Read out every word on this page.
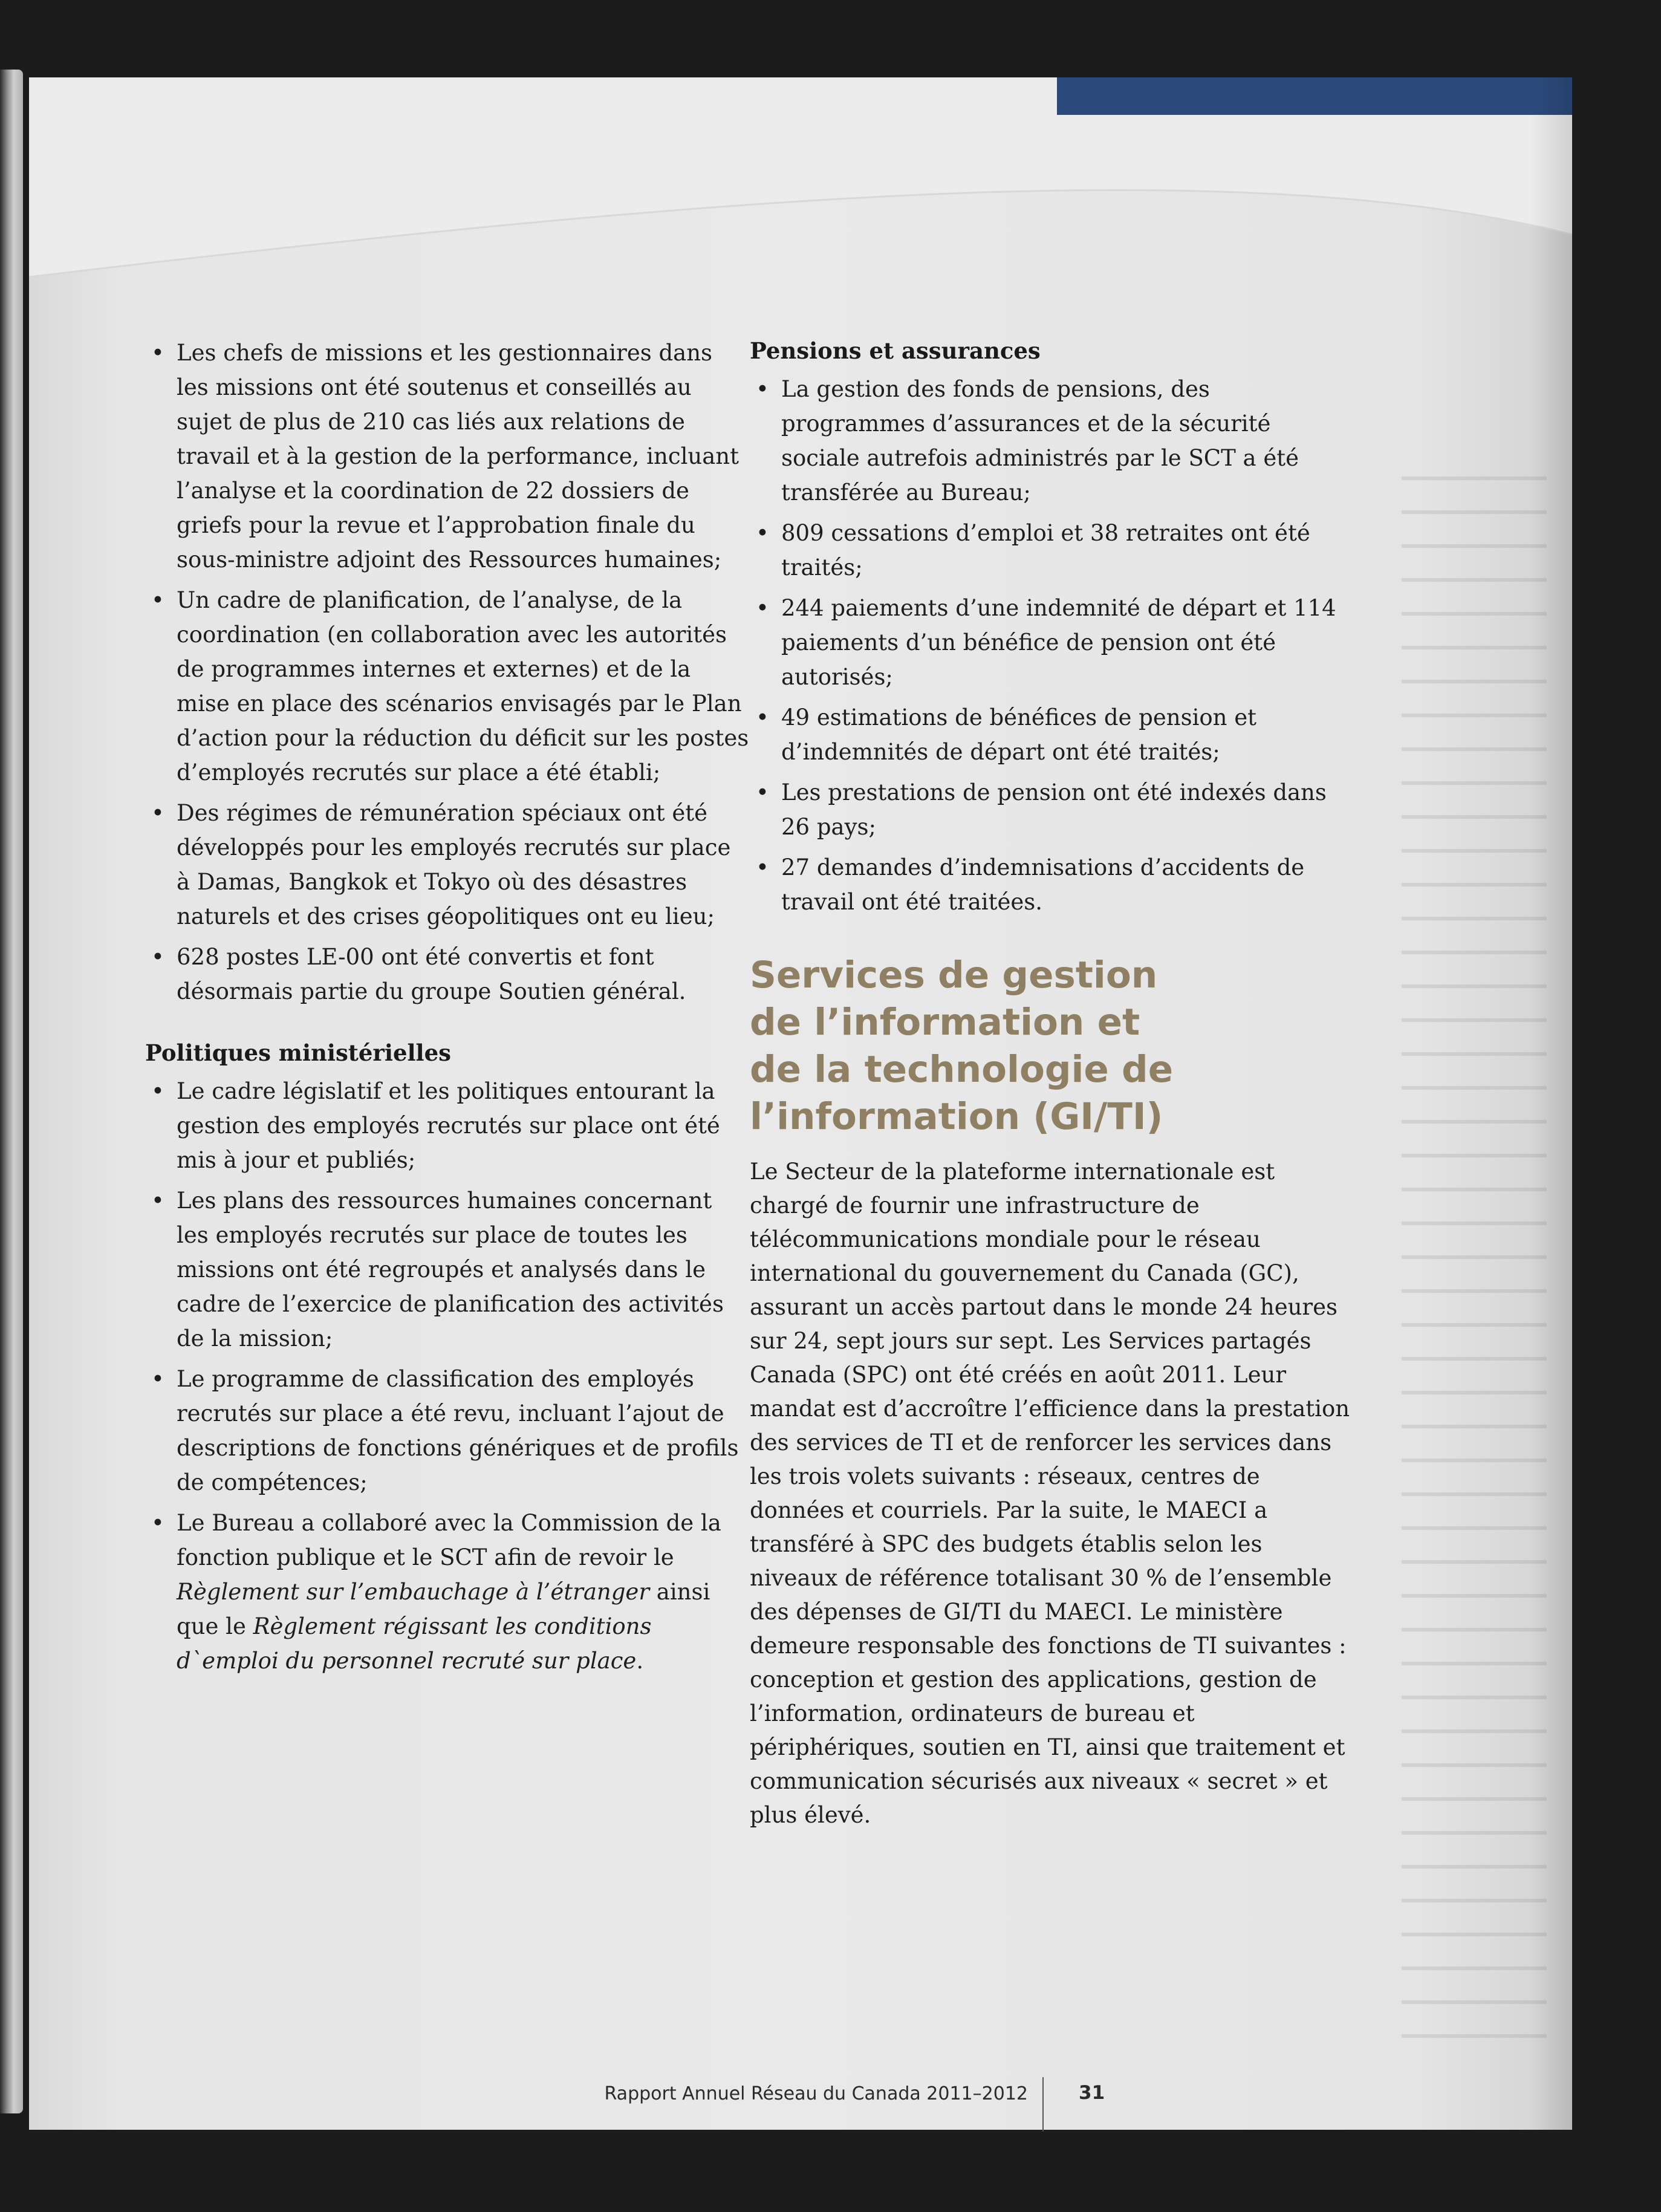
• Les chefs de missions et les gestionnaires dans les missions ont été soutenus et conseillés au sujet de plus de 210 cas liés aux relations de travail et à la gestion de la performance, incluant l’analyse et la coordination de 22 dossiers de griefs pour la revue et l’approbation finale du sous-ministre adjoint des Ressources humaines;
• Un cadre de planification, de l’analyse, de la coordination (en collaboration avec les autorités de programmes internes et externes) et de la mise en place des scénarios envisagés par le Plan d’action pour la réduction du déficit sur les postes d’employés recrutés sur place a été établi;
• Des régimes de rémunération spéciaux ont été développés pour les employés recrutés sur place à Damas, Bangkok et Tokyo où des désastres naturels et des crises géopolitiques ont eu lieu;
• 628 postes LE-00 ont été convertis et font désormais partie du groupe Soutien général.
Politiques ministérielles
• Le cadre législatif et les politiques entourant la gestion des employés recrutés sur place ont été mis à jour et publiés;
• Les plans des ressources humaines concernant les employés recrutés sur place de toutes les missions ont été regroupés et analysés dans le cadre de l’exercice de planification des activités de la mission;
• Le programme de classification des employés recrutés sur place a été revu, incluant l’ajout de descriptions de fonctions génériques et de profils de compétences;
• Le Bureau a collaboré avec la Commission de la fonction publique et le SCT afin de revoir le Règlement sur l’embauchage à l’étranger ainsi que le Règlement régissant les conditions d`emploi du personnel recruté sur place.
Pensions et assurances
• La gestion des fonds de pensions, des programmes d’assurances et de la sécurité sociale autrefois administrés par le SCT a été transférée au Bureau;
• 809 cessations d’emploi et 38 retraites ont été traités;
• 244 paiements d’une indemnité de départ et 114 paiements d’un bénéfice de pension ont été autorisés;
• 49 estimations de bénéfices de pension et d’indemnités de départ ont été traités;
• Les prestations de pension ont été indexés dans 26 pays;
• 27 demandes d’indemnisations d’accidents de travail ont été traitées.
Services de gestion
de l’information et
de la technologie de
l’information (GI/TI)

Le Secteur de la plateforme internationale est chargé de fournir une infrastructure de télécommunications mondiale pour le réseau international du gouvernement du Canada (GC), assurant un accès partout dans le monde 24 heures sur 24, sept jours sur sept. Les Services partagés Canada (SPC) ont été créés en août 2011. Leur mandat est d’accroître l’efficience dans la prestation des services de TI et de renforcer les services dans les trois volets suivants : réseaux, centres de données et courriels. Par la suite, le MAECI a transféré à SPC des budgets établis selon les niveaux de référence totalisant 30 % de l’ensemble des dépenses de GI/TI du MAECI. Le ministère demeure responsable des fonctions de TI suivantes : conception et gestion des applications, gestion de l’information, ordinateurs de bureau et périphériques, soutien en TI, ainsi que traitement et communication sécurisés aux niveaux « secret » et plus élevé.

Rapport Annuel Réseau du Canada 2011–2012	31
